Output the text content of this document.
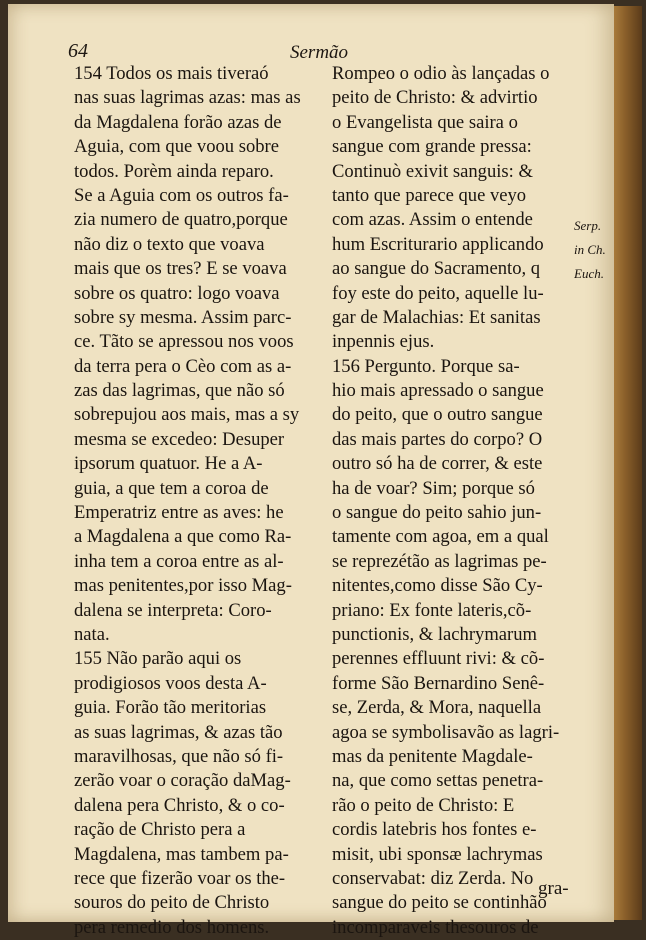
64	Sermão
154 Todos os mais tiveraó
nas suas lagrimas azas: mas as
da Magdalena forão azas de
Aguia, com que voou sobre
todos. Porèm ainda reparo.
Se a Aguia com os outros fa-
zia numero de quatro,porque
não diz o texto que voava
mais que os tres? E se voava
sobre os quatro: logo voava
sobre sy mesma. Assim parc-
ce. Tãto se apressou nos voos
da terra pera o Cèo com as a-
zas das lagrimas, que não só
sobrepujou aos mais, mas a sy
mesma se excedeo: Desuper
ipsorum quatuor. He a A-
guia, a que tem a coroa de
Emperatriz entre as aves: he
a Magdalena a que como Ra-
inha tem a coroa entre as al-
mas penitentes,por isso Mag-
dalena se interpreta: Coro-
nata.
155 Não parão aqui os
prodigiosos voos desta A-
guia. Forão tão meritorias
as suas lagrimas, & azas tão
maravilhosas, que não só fi-
zerão voar o coração daMag-
dalena pera Christo, & o co-
ração de Christo pera a
Magdalena, mas tambem pa-
rece que fizerão voar os the-
souros do peito de Christo
pera remedio dos homens.
Rompeo o odio às lançadas o
peito de Christo: & advirtio
o Evangelista que saira o
sangue com grande pressa:
Continuò exivit sanguis: &
tanto que parece que veyo
com azas. Assim o entende
hum Escriturario applicando
ao sangue do Sacramento, q
foy este do peito, aquelle lu-
gar de Malachias: Et sanitas
inpennis ejus.
156 Pergunto. Porque sa-
hio mais apressado o sangue
do peito, que o outro sangue
das mais partes do corpo? O
outro só ha de correr, & este
ha de voar? Sim; porque só
o sangue do peito sahio jun-
tamente com agoa, em a qual
se reprezétão as lagrimas pe-
nitentes,como disse São Cy-
priano: Ex fonte lateris,cõ-
punctionis, & lachrymarum
perennes effluunt rivi: & cõ-
forme São Bernardino Senê-
se, Zerda, & Mora, naquella
agoa se symbolisavão as lagri-
mas da penitente Magdale-
na, que como settas penetra-
rão o peito de Christo: E
cordis latebris hos fontes e-
misit, ubi sponsæ lachrymas
conservabat: diz Zerda. No
sangue do peito se continhão
incomparaveis thesouros de
Serp.
in Ch.
Euch.
gra-
